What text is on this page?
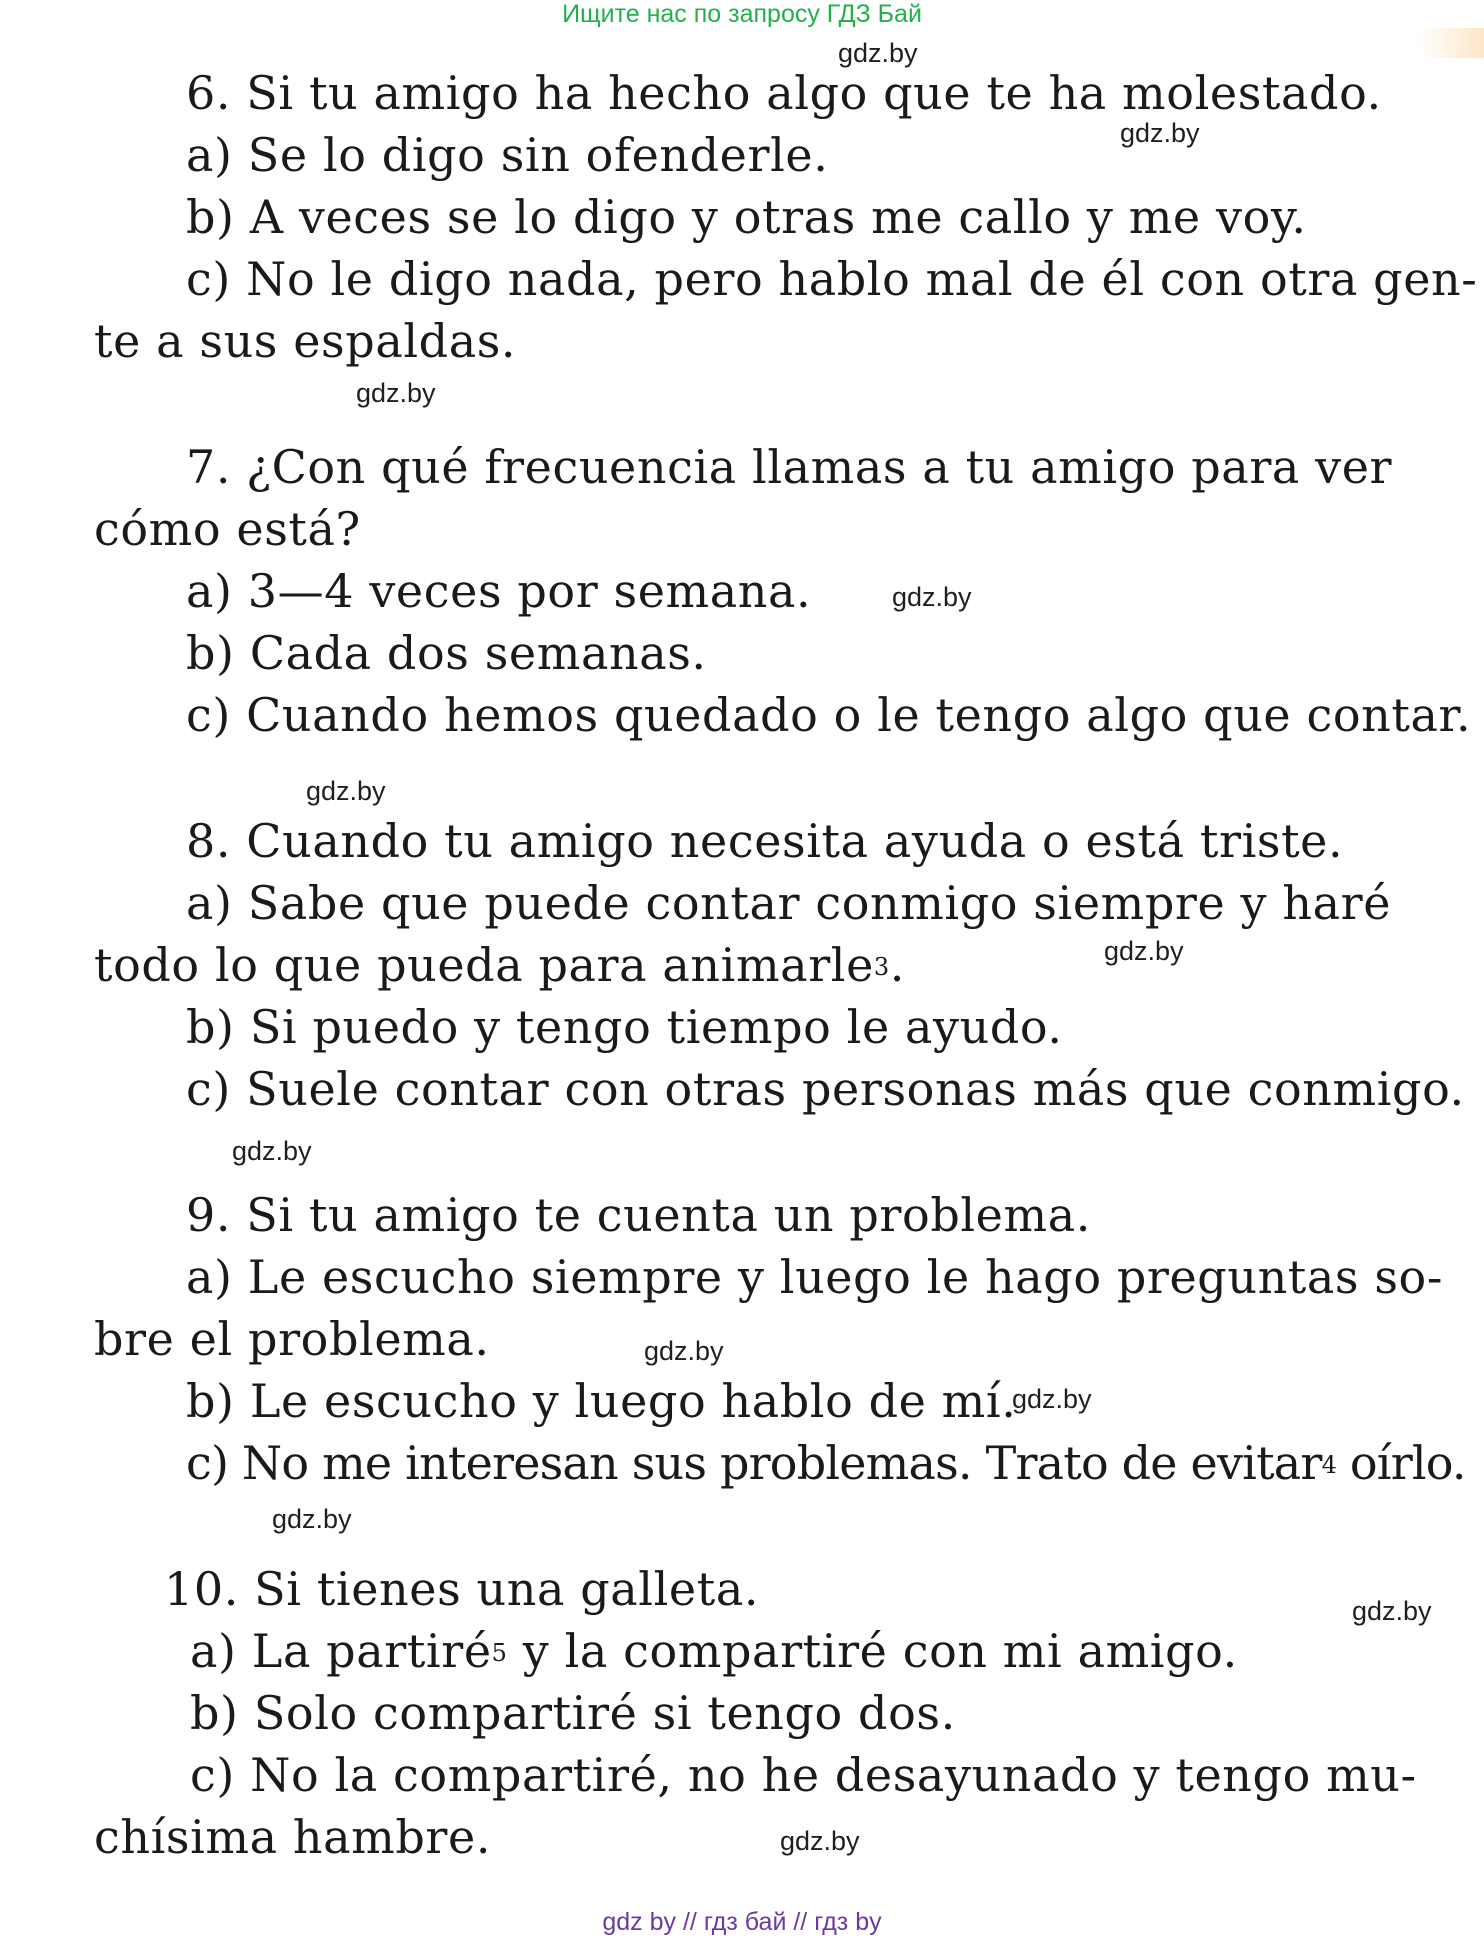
Ищите нас по запросу ГДЗ Бай
6. Si tu amigo ha hecho algo que te ha molestado.
a) Se lo digo sin ofenderle.
b) A veces se lo digo y otras me callo y me voy.
c) No le digo nada, pero hablo mal de él con otra gen-
te a sus espaldas.
7. ¿Con qué frecuencia llamas a tu amigo para ver
cómo está?
a) 3—4 veces por semana.
b) Cada dos semanas.
c) Cuando hemos quedado o le tengo algo que contar.
8. Cuando tu amigo necesita ayuda o está triste.
a) Sabe que puede contar conmigo siempre y haré
todo lo que pueda para animarle$^3$.
b) Si puedo y tengo tiempo le ayudo.
c) Suele contar con otras personas más que conmigo.
9. Si tu amigo te cuenta un problema.
a) Le escucho siempre y luego le hago preguntas so-
bre el problema.
b) Le escucho y luego hablo de mí.
c) No me interesan sus problemas. Trato de evitar$^4$ oírlo.
10. Si tienes una galleta.
a) La partiré$^5$ y la compartiré con mi amigo.
b) Solo compartiré si tengo dos.
c) No la compartiré, no he desayunado y tengo mu-
chísima hambre.
gdz.by
gdz.by
gdz.by
gdz.by
gdz.by
gdz.by
gdz.by
gdz.by
gdz.by
gdz.by
gdz.by
gdz.by
gdz by // гдз бай // гдз by
